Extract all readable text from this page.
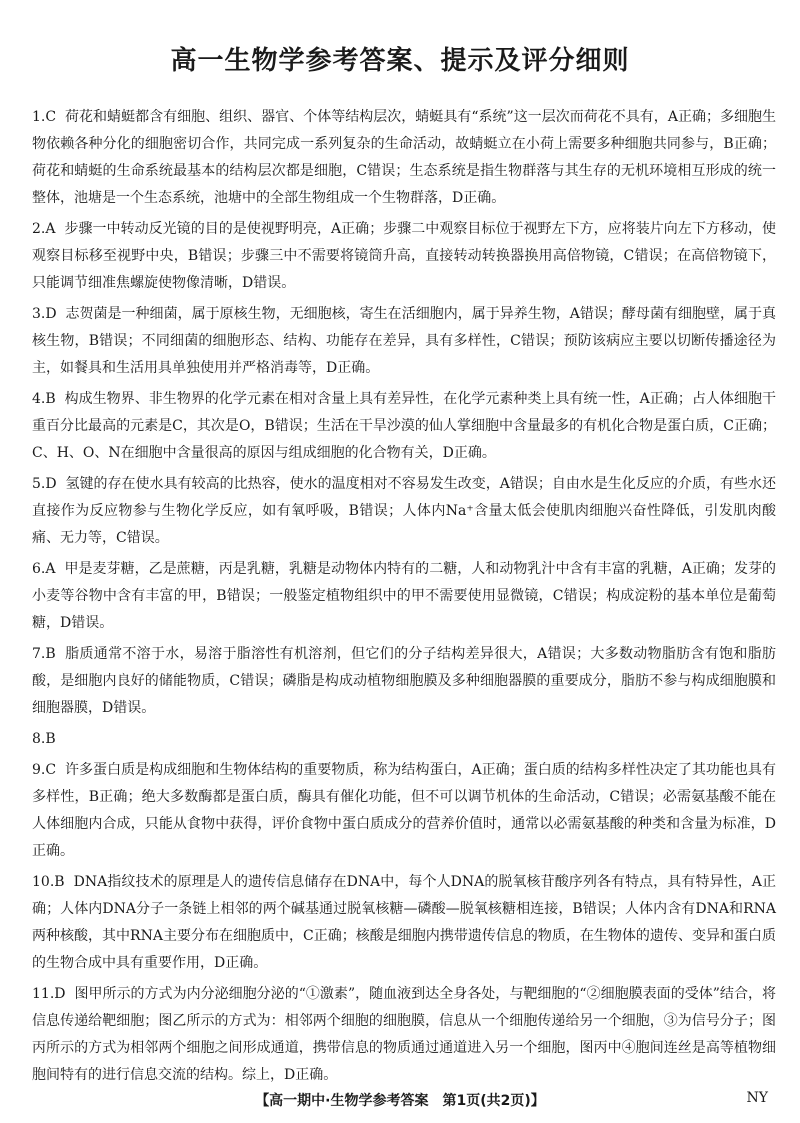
高一生物学参考答案、提示及评分细则
1.C 荷花和蜻蜓都含有细胞、组织、器官、个体等结构层次，蜻蜓具有“系统”这一层次而荷花不具有，A正确；多细胞生物依赖各种分化的细胞密切合作，共同完成一系列复杂的生命活动，故蜻蜓立在小荷上需要多种细胞共同参与，B正确；荷花和蜻蜓的生命系统最基本的结构层次都是细胞，C错误；生态系统是指生物群落与其生存的无机环境相互形成的统一整体，池塘是一个生态系统，池塘中的全部生物组成一个生物群落，D正确。
2.A 步骤一中转动反光镜的目的是使视野明亮，A正确；步骤二中观察目标位于视野左下方，应将装片向左下方移动，使观察目标移至视野中央，B错误；步骤三中不需要将镜筒升高，直接转动转换器换用高倍物镜，C错误；在高倍物镜下，只能调节细准焦螺旋使物像清晰，D错误。
3.D 志贺菌是一种细菌，属于原核生物，无细胞核，寄生在活细胞内，属于异养生物，A错误；酵母菌有细胞壁，属于真核生物，B错误；不同细菌的细胞形态、结构、功能存在差异，具有多样性，C错误；预防该病应主要以切断传播途径为主，如餐具和生活用具单独使用并严格消毒等，D正确。
4.B 构成生物界、非生物界的化学元素在相对含量上具有差异性，在化学元素种类上具有统一性，A正确；占人体细胞干重百分比最高的元素是C，其次是O，B错误；生活在干旱沙漠的仙人掌细胞中含量最多的有机化合物是蛋白质，C正确；C、H、O、N在细胞中含量很高的原因与组成细胞的化合物有关，D正确。
5.D 氢键的存在使水具有较高的比热容，使水的温度相对不容易发生改变，A错误；自由水是生化反应的介质，有些水还直接作为反应物参与生物化学反应，如有氧呼吸，B错误；人体内Na⁺含量太低会使肌肉细胞兴奋性降低，引发肌肉酸痛、无力等，C错误。
6.A 甲是麦芽糖，乙是蔗糖，丙是乳糖，乳糖是动物体内特有的二糖，人和动物乳汁中含有丰富的乳糖，A正确；发芽的小麦等谷物中含有丰富的甲，B错误；一般鉴定植物组织中的甲不需要使用显微镜，C错误；构成淀粉的基本单位是葡萄糖，D错误。
7.B 脂质通常不溶于水，易溶于脂溶性有机溶剂，但它们的分子结构差异很大，A错误；大多数动物脂肪含有饱和脂肪酸，是细胞内良好的储能物质，C错误；磷脂是构成动植物细胞膜及多种细胞器膜的重要成分，脂肪不参与构成细胞膜和细胞器膜，D错误。
8.B
9.C 许多蛋白质是构成细胞和生物体结构的重要物质，称为结构蛋白，A正确；蛋白质的结构多样性决定了其功能也具有多样性，B正确；绝大多数酶都是蛋白质，酶具有催化功能，但不可以调节机体的生命活动，C错误；必需氨基酸不能在人体细胞内合成，只能从食物中获得，评价食物中蛋白质成分的营养价值时，通常以必需氨基酸的种类和含量为标准，D正确。
10.B DNA指纹技术的原理是人的遗传信息储存在DNA中，每个人DNA的脱氧核苷酸序列各有特点，具有特异性，A正确；人体内DNA分子一条链上相邻的两个碱基通过脱氧核糖—磷酸—脱氧核糖相连接，B错误；人体内含有DNA和RNA两种核酸，其中RNA主要分布在细胞质中，C正确；核酸是细胞内携带遗传信息的物质，在生物体的遗传、变异和蛋白质的生物合成中具有重要作用，D正确。
11.D 图甲所示的方式为内分泌细胞分泌的“①激素”，随血液到达全身各处，与靶细胞的“②细胞膜表面的受体”结合，将信息传递给靶细胞；图乙所示的方式为：相邻两个细胞的细胞膜，信息从一个细胞传递给另一个细胞，③为信号分子；图丙所示的方式为相邻两个细胞之间形成通道，携带信息的物质通过通道进入另一个细胞，图丙中④胞间连丝是高等植物细胞间特有的进行信息交流的结构。综上，D正确。
【高一期中·生物学参考答案　第1页(共2页)】	NY
